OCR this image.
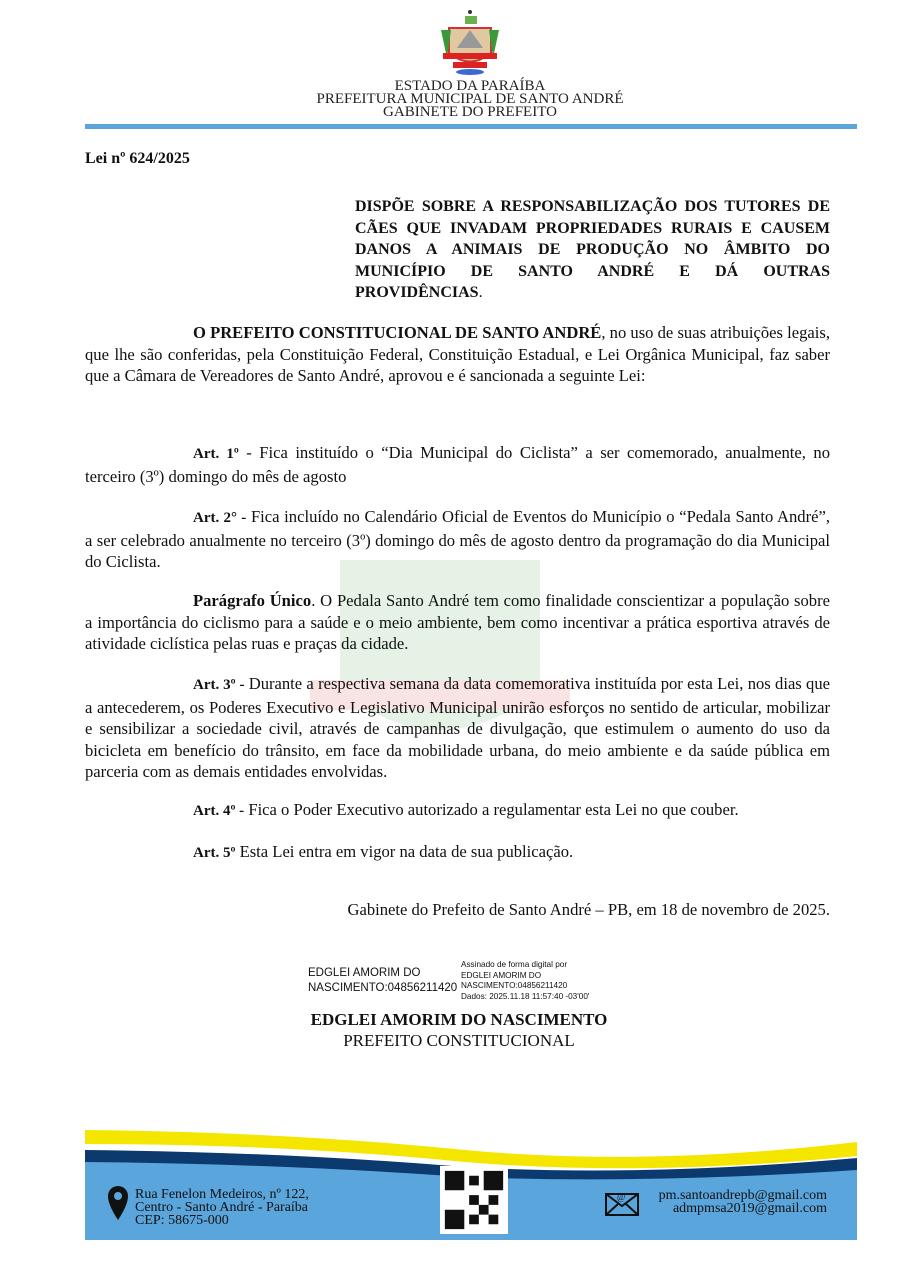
ESTADO DA PARAÍBA
PREFEITURA MUNICIPAL DE SANTO ANDRÉ
GABINETE DO PREFEITO
Lei nº 624/2025
DISPÕE SOBRE A RESPONSABILIZAÇÃO DOS TUTORES DE CÃES QUE INVADAM PROPRIEDADES RURAIS E CAUSEM DANOS A ANIMAIS DE PRODUÇÃO NO ÂMBITO DO MUNICÍPIO DE SANTO ANDRÉ E DÁ OUTRAS PROVIDÊNCIAS.
O PREFEITO CONSTITUCIONAL DE SANTO ANDRÉ, no uso de suas atribuições legais, que lhe são conferidas, pela Constituição Federal, Constituição Estadual, e Lei Orgânica Municipal, faz saber que a Câmara de Vereadores de Santo André, aprovou e é sancionada a seguinte Lei:
Art. 1º - Fica instituído o “Dia Municipal do Ciclista” a ser comemorado, anualmente, no terceiro (3º) domingo do mês de agosto
Art. 2° - Fica incluído no Calendário Oficial de Eventos do Município o “Pedala Santo André”, a ser celebrado anualmente no terceiro (3º) domingo do mês de agosto dentro da programação do dia Municipal do Ciclista.
Parágrafo Único. O Pedala Santo André tem como finalidade conscientizar a população sobre a importância do ciclismo para a saúde e o meio ambiente, bem como incentivar a prática esportiva através de atividade ciclística pelas ruas e praças da cidade.
Art. 3º - Durante a respectiva semana da data comemorativa instituída por esta Lei, nos dias que a antecederem, os Poderes Executivo e Legislativo Municipal unirão esforços no sentido de articular, mobilizar e sensibilizar a sociedade civil, através de campanhas de divulgação, que estimulem o aumento do uso da bicicleta em benefício do trânsito, em face da mobilidade urbana, do meio ambiente e da saúde pública em parceria com as demais entidades envolvidas.
Art. 4º - Fica o Poder Executivo autorizado a regulamentar esta Lei no que couber.
Art. 5º Esta Lei entra em vigor na data de sua publicação.
Gabinete do Prefeito de Santo André – PB, em 18 de novembro de 2025.
EDGLEI AMORIM DO
NASCIMENTO:04856211420
Assinado de forma digital por
EDGLEI AMORIM DO
NASCIMENTO:04856211420
Dados: 2025.11.18 11:57:40 -03'00'
EDGLEI AMORIM DO NASCIMENTO
PREFEITO CONSTITUCIONAL
Rua Fenelon Medeiros, nº 122,
Centro - Santo André - Paraíba
CEP: 58675-000
@ pm.santoandrepb@gmail.com
admpmsa2019@gmail.com
